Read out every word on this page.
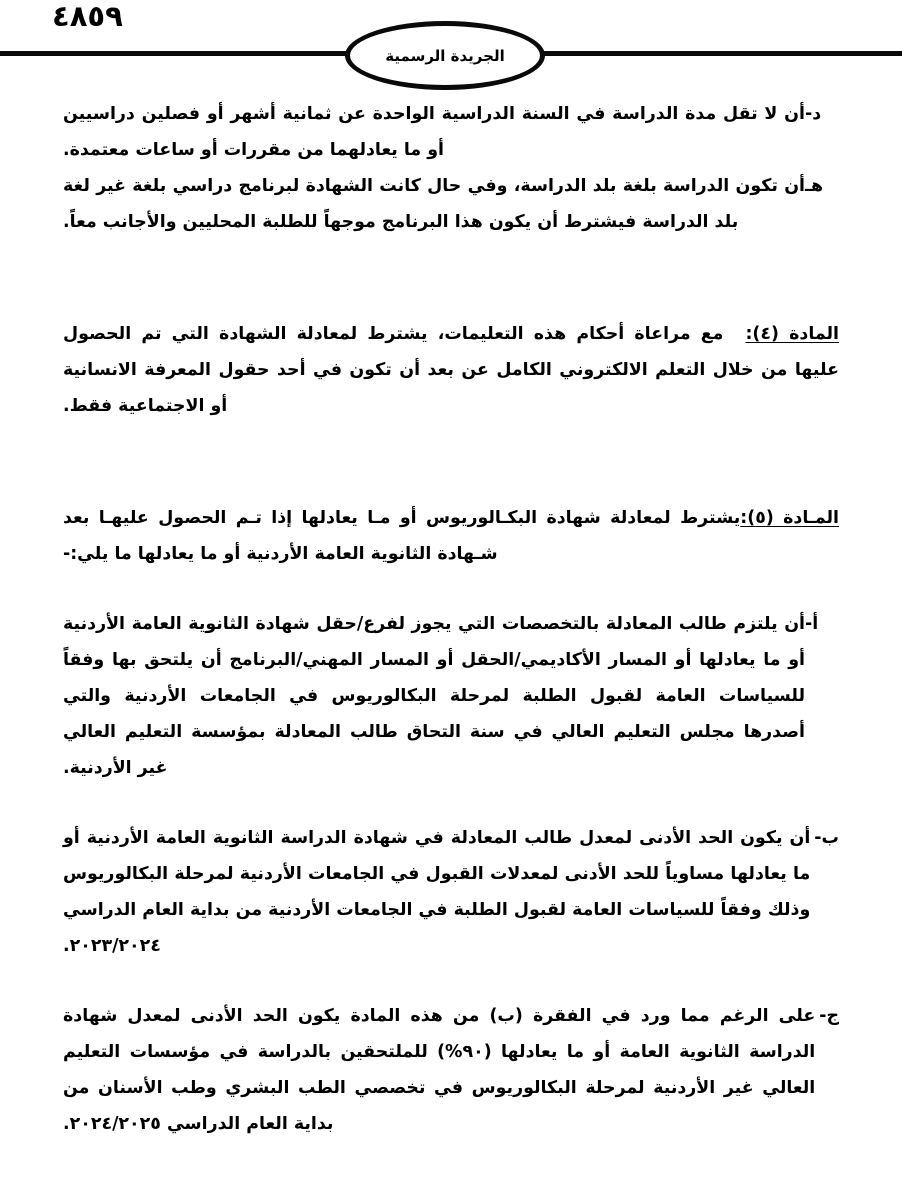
٤٨٥٩
الجريدة الرسمية
د-
أن لا تقل مدة الدراسة في السنة الدراسية الواحدة عن ثمانية أشهر أو فصلين دراسيين أو ما يعادلهما من مقررات أو ساعات معتمدة.
هـ
أن تكون الدراسة بلغة بلد الدراسة، وفي حال كانت الشهادة لبرنامج دراسي بلغة غير لغة بلد الدراسة فيشترط أن يكون هذا البرنامج موجهاً للطلبة المحليين والأجانب معاً.
المادة (٤):مع مراعاة أحكام هذه التعليمات، يشترط لمعادلة الشهادة التي تم الحصول عليها من خلال التعلم الالكتروني الكامل عن بعد أن تكون في أحد حقول المعرفة الانسانية أو الاجتماعية فقط.
المـادة (٥):يشترط لمعادلة شهادة البكـالوريوس أو مـا يعادلها إذا تـم الحصول عليهـا بعد شـهادة الثانوية العامة الأردنية أو ما يعادلها ما يلي:-
أ-
أن يلتزم طالب المعادلة بالتخصصات التي يجوز لفرع/حقل شهادة الثانوية العامة الأردنية أو ما يعادلها أو المسار الأكاديمي/الحقل أو المسار المهني/البرنامج أن يلتحق بها وفقاً للسياسات العامة لقبول الطلبة لمرحلة البكالوريوس في الجامعات الأردنية والتي أصدرها مجلس التعليم العالي في سنة التحاق طالب المعادلة بمؤسسة التعليم العالي غير الأردنية.
ب-
أن يكون الحد الأدنى لمعدل طالب المعادلة في شهادة الدراسة الثانوية العامة الأردنية أو ما يعادلها مساوياً للحد الأدنى لمعدلات القبول في الجامعات الأردنية لمرحلة البكالوريوس وذلك وفقاً للسياسات العامة لقبول الطلبة في الجامعات الأردنية من بداية العام الدراسي ٢٠٢٣/٢٠٢٤.
ج-
على الرغم مما ورد في الفقرة (ب) من هذه المادة يكون الحد الأدنى لمعدل شهادة الدراسة الثانوية العامة أو ما يعادلها (٩٠%) للملتحقين بالدراسة في مؤسسات التعليم العالي غير الأردنية لمرحلة البكالوريوس في تخصصي الطب البشري وطب الأسنان من بداية العام الدراسي ٢٠٢٤/٢٠٢٥.
